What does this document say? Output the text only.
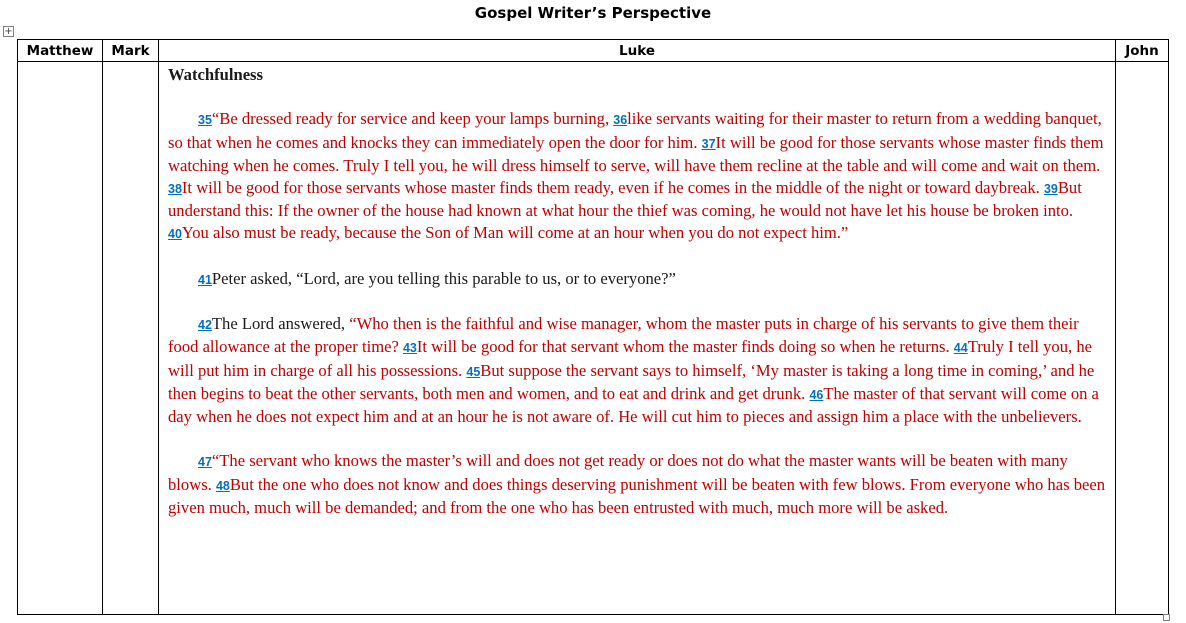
Gospel Writer’s Perspective
+
Matthew	Mark	Luke	John

		Watchfulness

35“Be dressed ready for service and keep your lamps burning, 36like servants waiting for their master to return from a wedding banquet, so that when he comes and knocks they can immediately open the door for him. 37It will be good for those servants whose master finds them watching when he comes. Truly I tell you, he will dress himself to serve, will have them recline at the table and will come and wait on them. 38It will be good for those servants whose master finds them ready, even if he comes in the middle of the night or toward daybreak. 39But understand this: If the owner of the house had known at what hour the thief was coming, he would not have let his house be broken into. 40You also must be ready, because the Son of Man will come at an hour when you do not expect him.”

41Peter asked, “Lord, are you telling this parable to us, or to everyone?”

42The Lord answered, “Who then is the faithful and wise manager, whom the master puts in charge of his servants to give them their food allowance at the proper time? 43It will be good for that servant whom the master finds doing so when he returns. 44Truly I tell you, he will put him in charge of all his possessions. 45But suppose the servant says to himself, ‘My master is taking a long time in coming,’ and he then begins to beat the other servants, both men and women, and to eat and drink and get drunk. 46The master of that servant will come on a day when he does not expect him and at an hour he is not aware of. He will cut him to pieces and assign him a place with the unbelievers.

47“The servant who knows the master’s will and does not get ready or does not do what the master wants will be beaten with many blows. 48But the one who does not know and does things deserving punishment will be beaten with few blows. From everyone who has been given much, much will be demanded; and from the one who has been entrusted with much, much more will be asked.	
